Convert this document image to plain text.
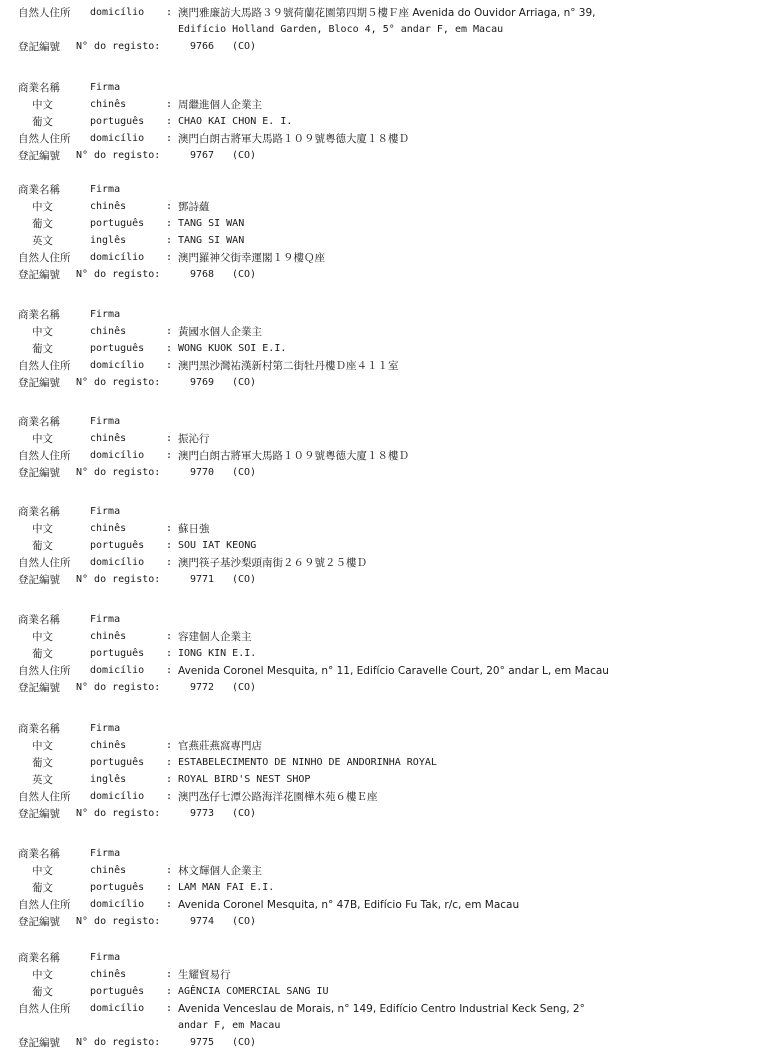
自然人住所 domicílio : 澳門雅廉訪大馬路３９號荷蘭花園第四期５樓Ｆ座 Avenida do Ouvidor Arriaga, n° 39,
Edifício Holland Garden, Bloco 4, 5° andar F, em Macau
登記編號 N° do registo:	9766 (CO)
商業名稱	Firma
中文	chinês	: 周繼進個人企業主
葡文	português : CHAO KAI CHON E. I.
自然人住所 domicílio : 澳門白朗古將軍大馬路１０９號粵德大廈１８樓Ｄ
登記編號 N° do registo:	9767 (CO)
商業名稱	Firma
中文	chinês	: 鄧詩蘊
葡文	português : TANG SI WAN
英文	inglês	: TANG SI WAN
自然人住所 domicílio : 澳門羅神父街幸運閣１９樓Ｑ座
登記編號 N° do registo:	9768 (CO)
商業名稱	Firma
中文	chinês	: 黃國水個人企業主
葡文	português : WONG KUOK SOI E.I.
自然人住所 domicílio : 澳門黑沙灣祐漢新村第二街牡丹樓Ｄ座４１１室
登記編號 N° do registo:	9769 (CO)
商業名稱	Firma
中文	chinês	: 振沁行
自然人住所 domicílio : 澳門白朗古將軍大馬路１０９號粵德大廈１８樓Ｄ
登記編號 N° do registo:	9770 (CO)
商業名稱	Firma
中文	chinês	: 蘇日強
葡文	português : SOU IAT KEONG
自然人住所 domicílio : 澳門筷子基沙梨頭南街２６９號２５樓Ｄ
登記編號 N° do registo:	9771 (CO)
商業名稱	Firma
中文	chinês	: 容建個人企業主
葡文	português : IONG KIN E.I.
自然人住所 domicílio : Avenida Coronel Mesquita, n° 11, Edifício Caravelle Court, 20° andar L, em Macau
登記編號 N° do registo:	9772 (CO)
商業名稱	Firma
中文	chinês	: 官燕莊燕窩專門店
葡文	português : ESTABELECIMENTO DE NINHO DE ANDORINHA ROYAL
英文	inglês	: ROYAL BIRD'S NEST SHOP
自然人住所 domicílio : 澳門氹仔七潭公路海洋花園樺木苑６樓Ｅ座
登記編號 N° do registo:	9773 (CO)
商業名稱	Firma
中文	chinês	: 林文輝個人企業主
葡文	português : LAM MAN FAI E.I.
自然人住所 domicílio : Avenida Coronel Mesquita, n° 47B, Edifício Fu Tak, r/c, em Macau
登記編號 N° do registo:	9774 (CO)
商業名稱	Firma
中文	chinês	: 生耀貿易行
葡文	português : AGÊNCIA COMERCIAL SANG IU
自然人住所 domicílio : Avenida Venceslau de Morais, n° 149, Edifício Centro Industrial Keck Seng, 2°
andar F, em Macau
登記編號 N° do registo:	9775 (CO)
